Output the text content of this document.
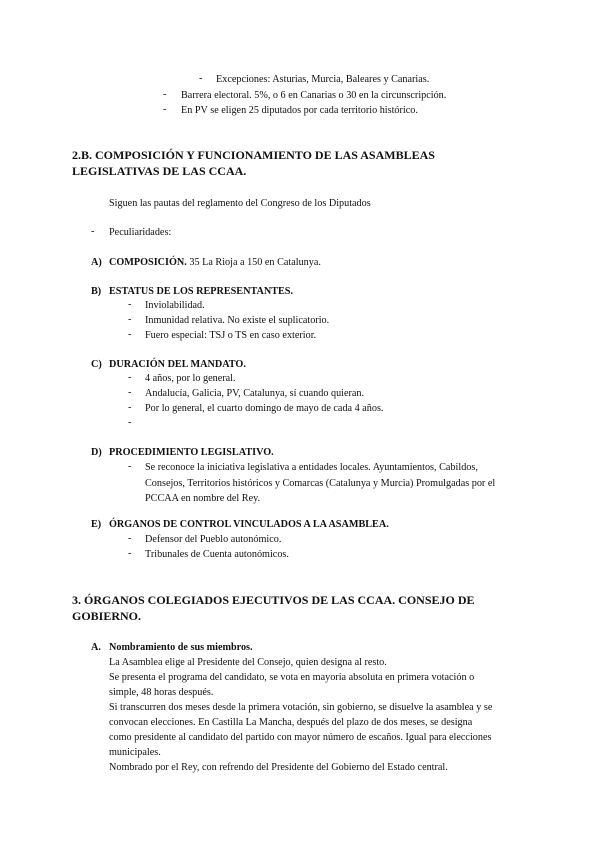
- Excepciones: Asturias, Murcia, Baleares y Canarias.
- Barrera electoral. 5%, o 6 en Canarias o 30 en la circunscripción.
- En PV se eligen 25 diputados por cada territorio histórico.
2.B. COMPOSICIÓN Y FUNCIONAMIENTO DE LAS ASAMBLEAS
LEGISLATIVAS DE LAS CCAA.
Siguen las pautas del reglamento del Congreso de los Diputados
- Peculiaridades:
A) COMPOSICIÓN. 35 La Rioja a 150 en Catalunya.
B) ESTATUS DE LOS REPRESENTANTES.
- Inviolabilidad.
- Inmunidad relativa. No existe el suplicatorio.
- Fuero especial: TSJ o TS en caso exterior.
C) DURACIÓN DEL MANDATO.
- 4 años, por lo general.
- Andalucía, Galicia, PV, Catalunya, sí cuando quieran.
- Por lo general, el cuarto domingo de mayo de cada 4 años.
-
D) PROCEDIMIENTO LEGISLATIVO.
- Se reconoce la iniciativa legislativa a entidades locales. Ayuntamientos, Cabildos,
Consejos, Territorios históricos y Comarcas (Catalunya y Murcia) Promulgadas por el
PCCAA en nombre del Rey.
E) ÓRGANOS DE CONTROL VINCULADOS A LA ASAMBLEA.
- Defensor del Pueblo autonómico.
- Tribunales de Cuenta autonómicos.
3. ÓRGANOS COLEGIADOS EJECUTIVOS DE LAS CCAA. CONSEJO DE
GOBIERNO.
A. Nombramiento de sus miembros.
La Asamblea elige al Presidente del Consejo, quien designa al resto.
Se presenta el programa del candidato, se vota en mayoría absoluta en primera votación o
simple, 48 horas después.
Si transcurren dos meses desde la primera votación, sin gobierno, se disuelve la asamblea y se
convocan elecciones. En Castilla La Mancha, después del plazo de dos meses, se designa
como presidente al candidato del partido con mayor número de escaños. Igual para elecciones
municipales.
Nombrado por el Rey, con refrendo del Presidente del Gobierno del Estado central.
